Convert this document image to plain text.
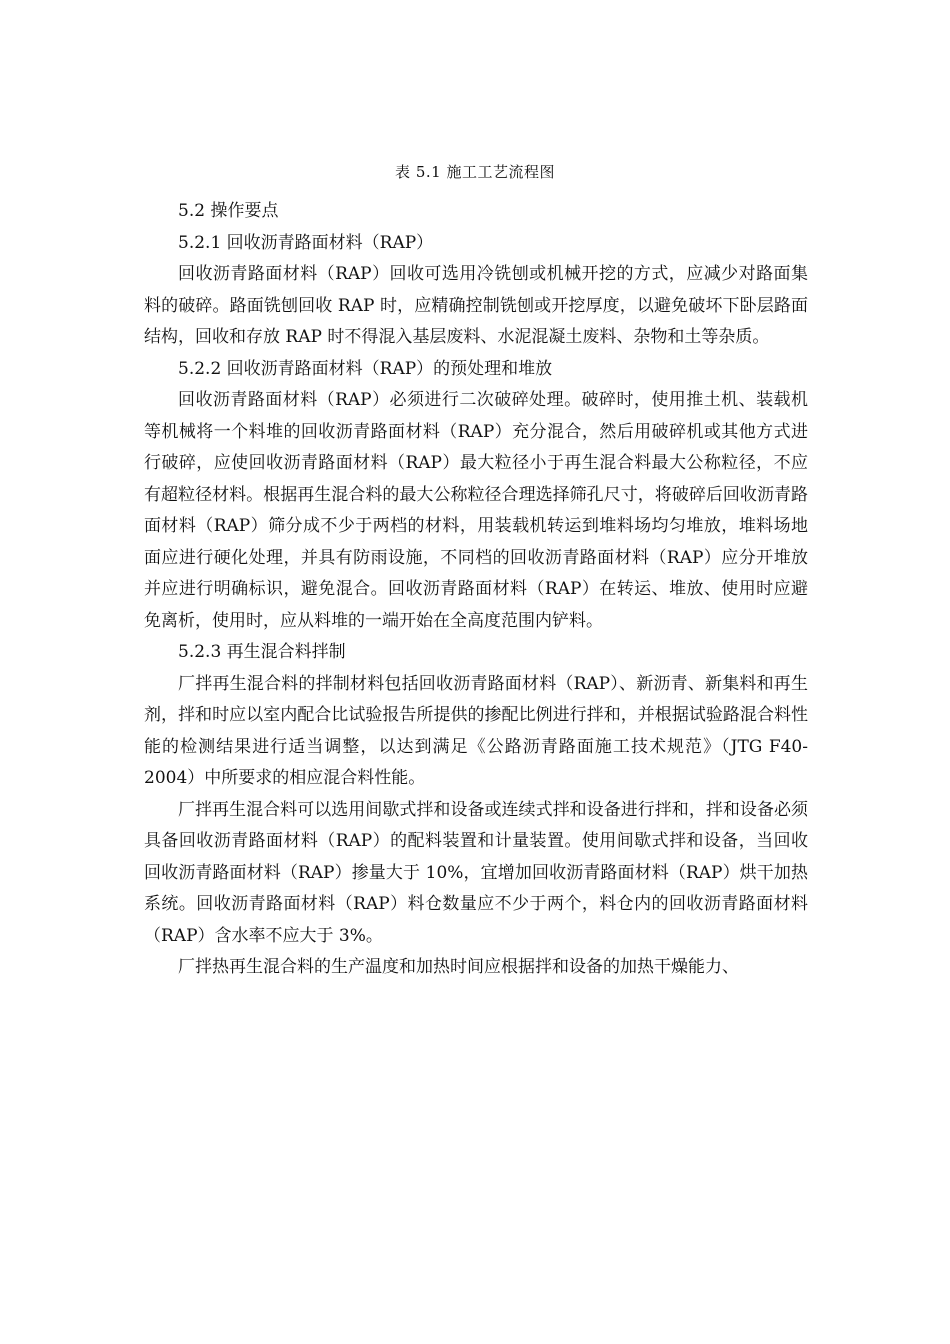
表 5.1 施工工艺流程图

5.2 操作要点

5.2.1 回收沥青路面材料（RAP）

回收沥青路面材料（RAP）回收可选用冷铣刨或机械开挖的方式，应减少对路面集料的破碎。路面铣刨回收 RAP 时，应精确控制铣刨或开挖厚度，以避免破坏下卧层路面结构，回收和存放 RAP 时不得混入基层废料、水泥混凝土废料、杂物和土等杂质。

5.2.2 回收沥青路面材料（RAP）的预处理和堆放

回收沥青路面材料（RAP）必须进行二次破碎处理。破碎时，使用推土机、装载机等机械将一个料堆的回收沥青路面材料（RAP）充分混合，然后用破碎机或其他方式进行破碎，应使回收沥青路面材料（RAP）最大粒径小于再生混合料最大公称粒径，不应有超粒径材料。根据再生混合料的最大公称粒径合理选择筛孔尺寸，将破碎后回收沥青路面材料（RAP）筛分成不少于两档的材料，用装载机转运到堆料场均匀堆放，堆料场地面应进行硬化处理，并具有防雨设施，不同档的回收沥青路面材料（RAP）应分开堆放并应进行明确标识，避免混合。回收沥青路面材料（RAP）在转运、堆放、使用时应避免离析，使用时，应从料堆的一端开始在全高度范围内铲料。

5.2.3 再生混合料拌制

厂拌再生混合料的拌制材料包括回收沥青路面材料（RAP）、新沥青、新集料和再生剂，拌和时应以室内配合比试验报告所提供的掺配比例进行拌和，并根据试验路混合料性能的检测结果进行适当调整，以达到满足《公路沥青路面施工技术规范》（JTG F40-2004）中所要求的相应混合料性能。

厂拌再生混合料可以选用间歇式拌和设备或连续式拌和设备进行拌和，拌和设备必须具备回收沥青路面材料（RAP）的配料装置和计量装置。使用间歇式拌和设备，当回收回收沥青路面材料（RAP）掺量大于 10%，宜增加回收沥青路面材料（RAP）烘干加热系统。回收沥青路面材料（RAP）料仓数量应不少于两个，料仓内的回收沥青路面材料（RAP）含水率不应大于 3%。

厂拌热再生混合料的生产温度和加热时间应根据拌和设备的加热干燥能力、
